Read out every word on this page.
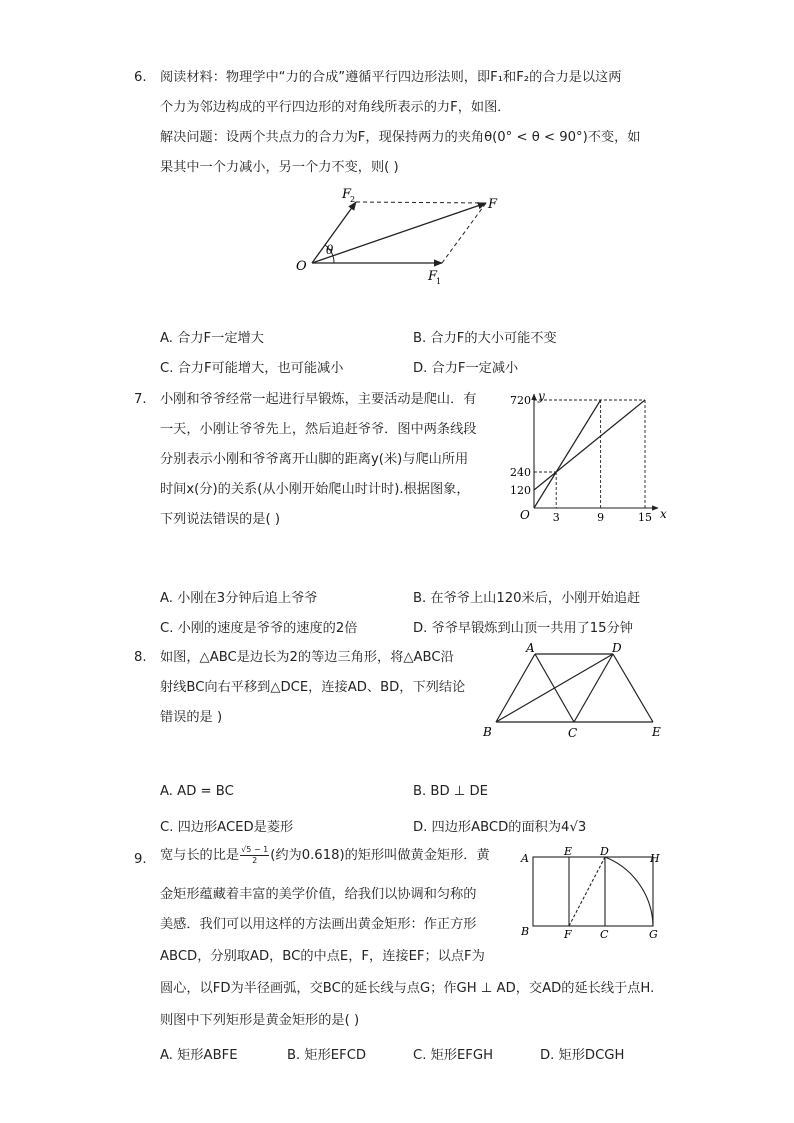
6. 阅读材料：物理学中“力的合成”遵循平行四边形法则，即F₁和F₂的合力是以这两
个力为邻边构成的平行四边形的对角线所表示的力F，如图．
解决问题：设两个共点力的合力为F，现保持两力的夹角θ(0° < θ < 90°)不变，如
果其中一个力减小，另一个力不变，则( )
θ
O
F
1
F
2	F
A. 合力F一定增大	B. 合力F的大小可能不变
C. 合力F可能增大，也可能减小	D. 合力F一定减小
7. 小刚和爷爷经常一起进行早锻炼，主要活动是爬山．有
一天，小刚让爷爷先上，然后追赶爷爷．图中两条线段
分别表示小刚和爷爷离开山脚的距离y(米)与爬山所用
时间x(分)的关系(从小刚开始爬山时计时).根据图象，
下列说法错误的是( )	3	9	15
120
240
720
x
y
O
A. 小刚在3分钟后追上爷爷	B. 在爷爷上山120米后，小刚开始追赶
C. 小刚的速度是爷爷的速度的2倍	D. 爷爷早锻炼到山顶一共用了15分钟
8. 如图，△ABC是边长为2的等边三角形，将△ABC沿
射线BC向右平移到△DCE，连接AD、BD，下列结论
错误的是 )
A	D
B	C	E
A. AD = BC	B. BD ⊥ DE
C. 四边形ACED是菱形	D. 四边形ABCD的面积为4√3
9. 宽与长的比是 $\frac{√5 - 1}{2}$ (约为0.618)的矩形叫做黄金矩形．黄
金矩形蕴藏着丰富的美学价值，给我们以协调和匀称的
美感．我们可以用这样的方法画出黄金矩形：作正方形
ABCD，分别取AD，BC的中点E，F，连接EF；以点F为
圆心，以FD为半径画弧，交BC的延长线与点G；作GH ⊥ AD，交AD的延长线于点H.
则图中下列矩形是黄金矩形的是( )
A
E	D
H
B	F	C	G
A. 矩形ABFE	B. 矩形EFCD	C. 矩形EFGH	D. 矩形DCGH
